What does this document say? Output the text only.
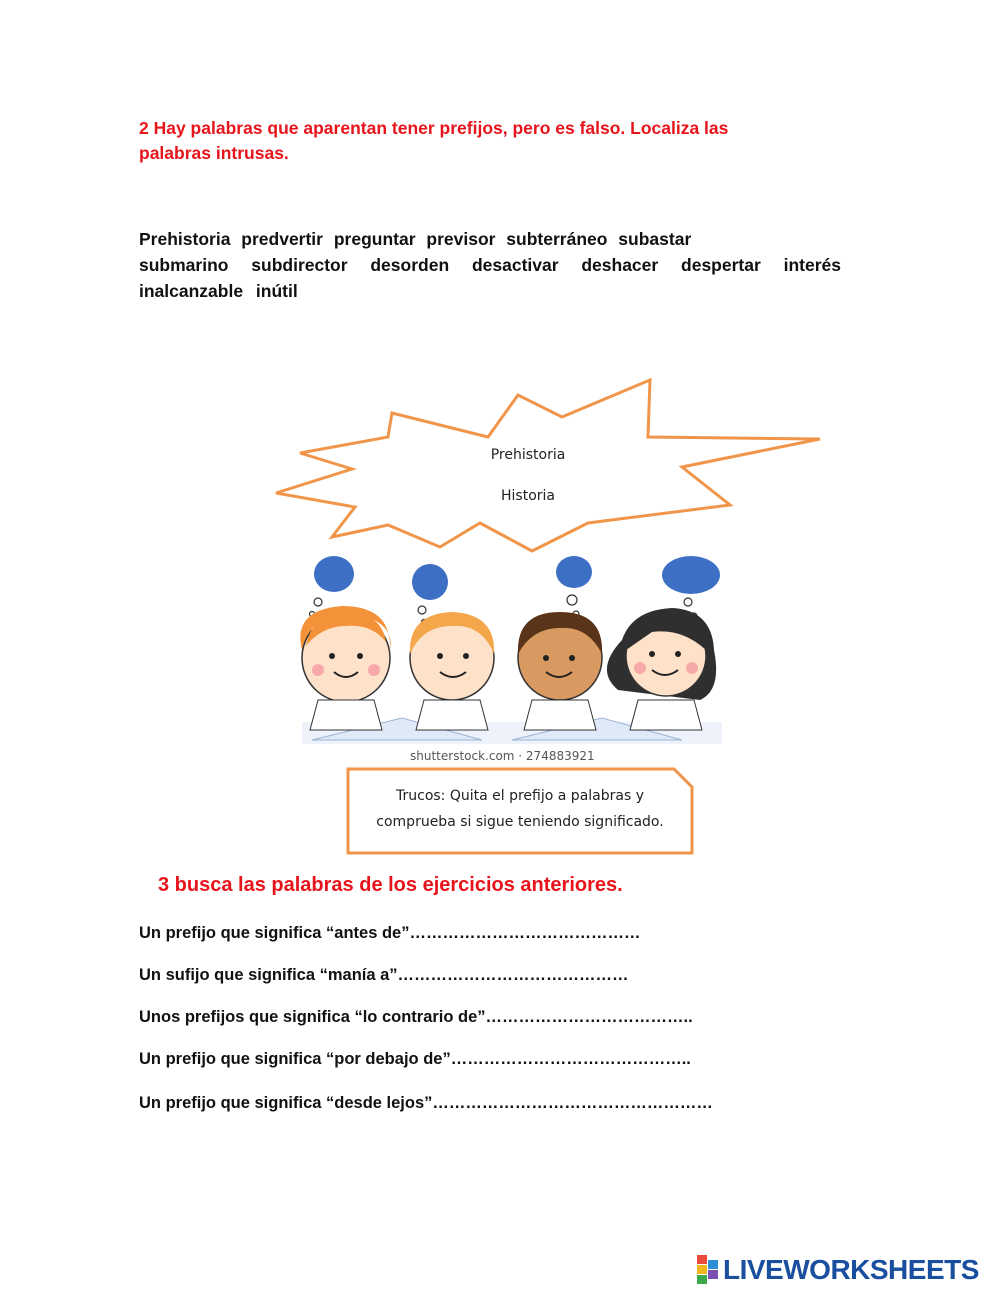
2 Hay palabras que aparentan tener prefijos, pero es falso. Localiza las
palabras intrusas.
Prehistoria predvertir preguntar previsor subterráneo subastar
submarino subdirector desorden desactivar deshacer despertar interés
inalcanzable inútil
Prehistoria
Historia
shutterstock.com · 274883921
Trucos: Quita el prefijo a palabras y
comprueba si sigue teniendo significado.
3 busca las palabras de los ejercicios anteriores.
Un prefijo que significa “antes de”……………………………………
Un sufijo que significa “manía a”……………………………………
Unos prefijos que significa “lo contrario de”………………………………..
Un prefijo que significa “por debajo de”……………………………………..
Un prefijo que significa “desde lejos”……………………………………………
LIVEWORKSHEETS
